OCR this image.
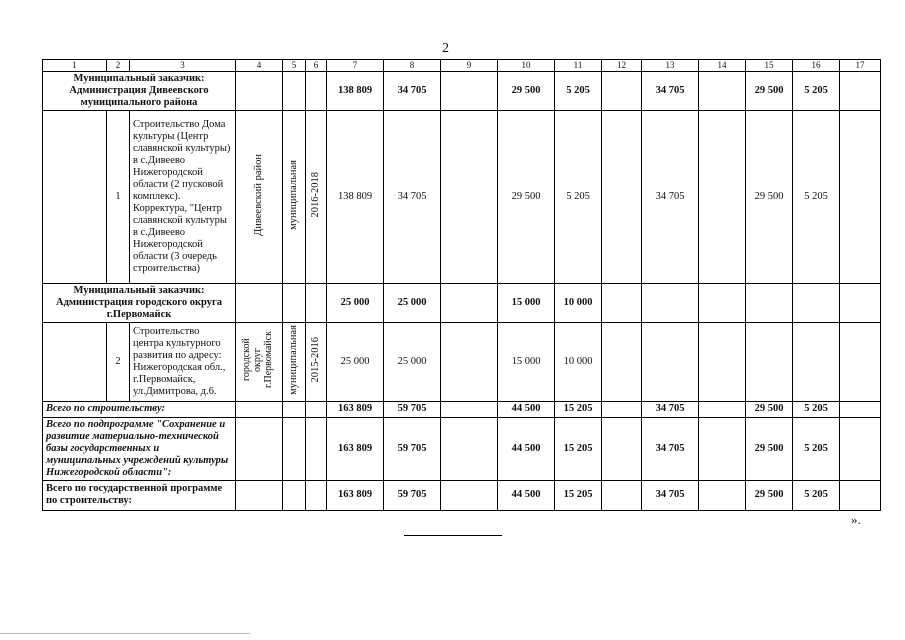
2
1	2	3	4	5	6	7	8	9	10	11	12	13	14	15	16	17
Муниципальный заказчик: Администрация Дивеевского муниципального района						138 809	34 705		29 500	5 205		34 705		29 500	5 205	
	1	Строительство Дома культуры (Центр славянской культуры) в с.Дивеево Нижегородской области (2 пусковой комплекс). Корректура, "Центр славянской культуры в с.Дивеево Нижегородской области (3 очередь строительства)	Дивеевский район	муниципальная	2016-2018	138 809	34 705		29 500	5 205		34 705		29 500	5 205	
Муниципальный заказчик: Администрация городского округа г.Первомайск						25 000	25 000		15 000	10 000						
	2	Строительство центра культурного развития по адресу: Нижегородская обл., г.Первомайск, ул.Димитрова, д.6.	городской округ г.Первомайск	муниципальная	2015-2016	25 000	25 000		15 000	10 000						
Всего по строительству:						163 809	59 705		44 500	15 205		34 705		29 500	5 205	
Всего по подпрограмме "Сохранение и развитие материально-технической базы государственных и муниципальных учреждений культуры Нижегородской области":						163 809	59 705		44 500	15 205		34 705		29 500	5 205	
Всего по государственной программе по строительству:						163 809	59 705		44 500	15 205		34 705		29 500	5 205	
».
